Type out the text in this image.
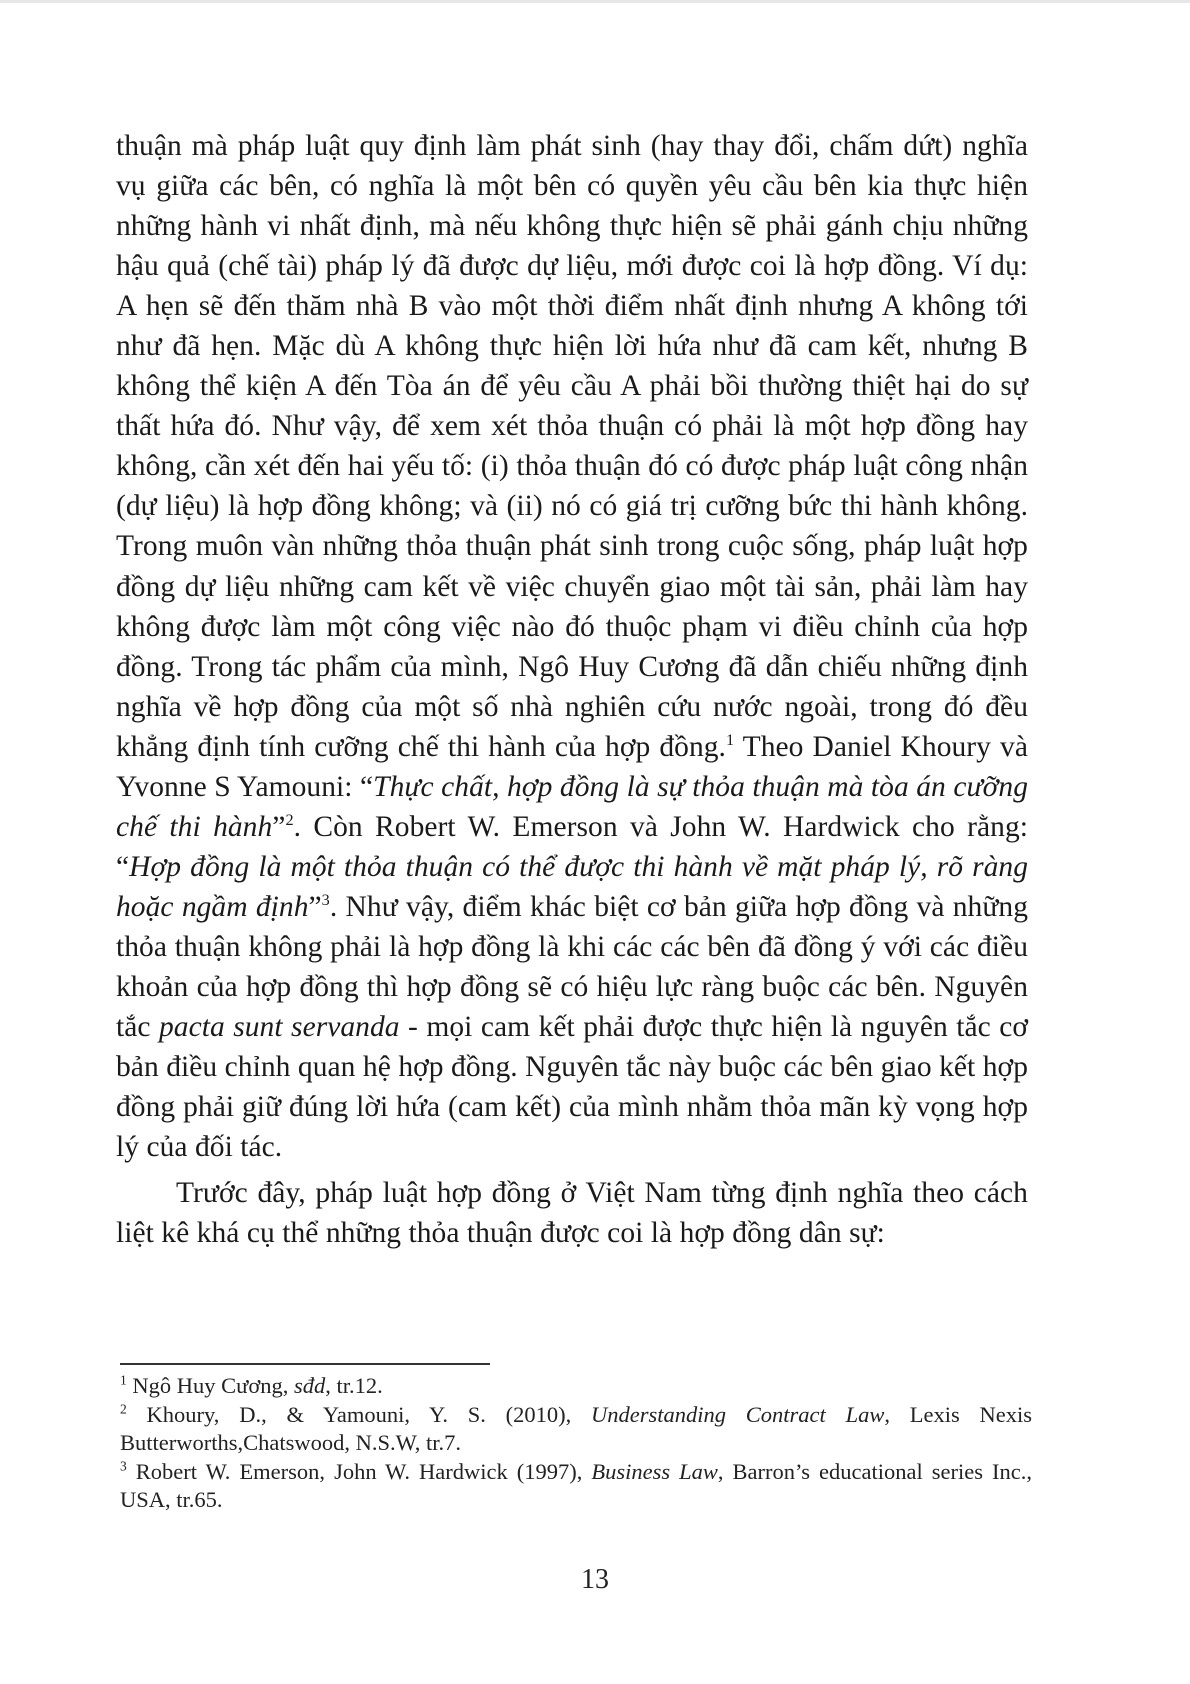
thuận mà pháp luật quy định làm phát sinh (hay thay đổi, chấm dứt) nghĩa vụ giữa các bên, có nghĩa là một bên có quyền yêu cầu bên kia thực hiện những hành vi nhất định, mà nếu không thực hiện sẽ phải gánh chịu những hậu quả (chế tài) pháp lý đã được dự liệu, mới được coi là hợp đồng. Ví dụ: A hẹn sẽ đến thăm nhà B vào một thời điểm nhất định nhưng A không tới như đã hẹn. Mặc dù A không thực hiện lời hứa như đã cam kết, nhưng B không thể kiện A đến Tòa án để yêu cầu A phải bồi thường thiệt hại do sự thất hứa đó. Như vậy, để xem xét thỏa thuận có phải là một hợp đồng hay không, cần xét đến hai yếu tố: (i) thỏa thuận đó có được pháp luật công nhận (dự liệu) là hợp đồng không; và (ii) nó có giá trị cưỡng bức thi hành không. Trong muôn vàn những thỏa thuận phát sinh trong cuộc sống, pháp luật hợp đồng dự liệu những cam kết về việc chuyển giao một tài sản, phải làm hay không được làm một công việc nào đó thuộc phạm vi điều chỉnh của hợp đồng. Trong tác phẩm của mình, Ngô Huy Cương đã dẫn chiếu những định nghĩa về hợp đồng của một số nhà nghiên cứu nước ngoài, trong đó đều khẳng định tính cưỡng chế thi hành của hợp đồng.$^1$ Theo Daniel Khoury và Yvonne S Yamouni: “Thực chất, hợp đồng là sự thỏa thuận mà tòa án cưỡng chế thi hành”$^2$. Còn Robert W. Emerson và John W. Hardwick cho rằng: “Hợp đồng là một thỏa thuận có thể được thi hành về mặt pháp lý, rõ ràng hoặc ngầm định”$^3$. Như vậy, điểm khác biệt cơ bản giữa hợp đồng và những thỏa thuận không phải là hợp đồng là khi các các bên đã đồng ý với các điều khoản của hợp đồng thì hợp đồng sẽ có hiệu lực ràng buộc các bên. Nguyên tắc pacta sunt servanda - mọi cam kết phải được thực hiện là nguyên tắc cơ bản điều chỉnh quan hệ hợp đồng. Nguyên tắc này buộc các bên giao kết hợp đồng phải giữ đúng lời hứa (cam kết) của mình nhằm thỏa mãn kỳ vọng hợp lý của đối tác.

Trước đây, pháp luật hợp đồng ở Việt Nam từng định nghĩa theo cách liệt kê khá cụ thể những thỏa thuận được coi là hợp đồng dân sự:

$^1$ Ngô Huy Cương, sđd, tr.12.

$^2$ Khoury, D., & Yamouni, Y. S. (2010), Understanding Contract Law, Lexis Nexis Butterworths,Chatswood, N.S.W, tr.7.

$^3$ Robert W. Emerson, John W. Hardwick (1997), Business Law, Barron’s educational series Inc., USA, tr.65.

13
